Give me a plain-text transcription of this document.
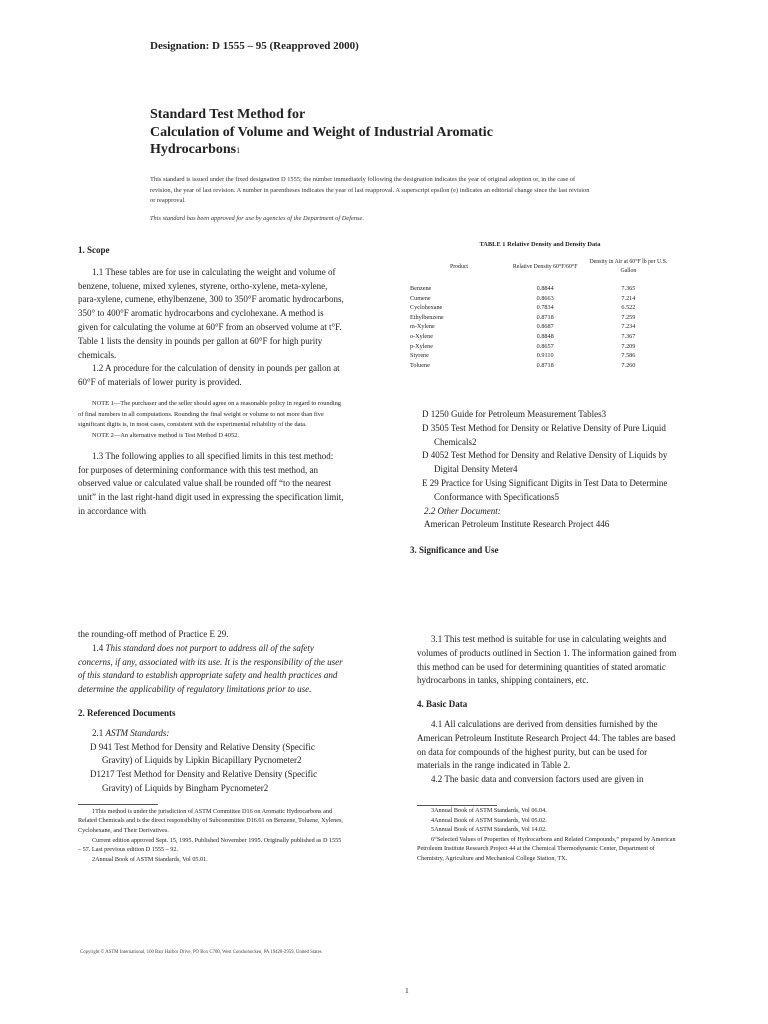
Designation: D 1555 – 95 (Reapproved 2000)
Standard Test Method for
Calculation of Volume and Weight of Industrial Aromatic
Hydrocarbons1
This standard is issued under the fixed designation D 1555; the number immediately following the designation indicates the year of original adoption or, in the case of revision, the year of last revision. A number in parentheses indicates the year of last reapproval. A superscript epsilon (e) indicates an editorial change since the last revision or reapproval.
This standard has been approved for use by agencies of the Department of Defense.
1. Scope

1.1 These tables are for use in calculating the weight and volume of benzene, toluene, mixed xylenes, styrene, ortho-xylene, meta-xylene, para-xylene, cumene, ethylbenzene, 300 to 350°F aromatic hydrocarbons, 350° to 400°F aromatic hydrocarbons and cyclohexane. A method is given for calculating the volume at 60°F from an observed volume at t°F. Table 1 lists the density in pounds per gallon at 60°F for high purity chemicals.

1.2 A procedure for the calculation of density in pounds per gallon at 60°F of materials of lower purity is provided.

NOTE 1—The purchaser and the seller should agree on a reasonable policy in regard to rounding of final numbers in all computations. Rounding the final weight or volume to not more than five significant digits is, in most cases, consistent with the experimental reliability of the data.

NOTE 2—An alternative method is Test Method D 4052.

1.3 The following applies to all specified limits in this test method: for purposes of determining conformance with this test method, an observed value or calculated value shall be rounded off “to the nearest unit” in the last right-hand digit used in expressing the specification limit, in accordance with

the rounding-off method of Practice E 29.

1.4 This standard does not purport to address all of the safety concerns, if any, associated with its use. It is the responsibility of the user of this standard to establish appropriate safety and health practices and determine the applicability of regulatory limitations prior to use.

2. Referenced Documents

2.1 ASTM Standards:

D 941 Test Method for Density and Relative Density (Specific Gravity) of Liquids by Lipkin Bicapillary Pycnometer2

D1217 Test Method for Density and Relative Density (Specific Gravity) of Liquids by Bingham Pycnometer2

1This method is under the jurisdiction of ASTM Committee D16 on Aromatic Hydrocarbons and Related Chemicals and is the direct responsibility of Subcommittee D16.01 on Benzene, Toluene, Xylenes, Cyclohexane, and Their Derivatives.

Current edition approved Sept. 15, 1995. Published November 1995. Originally published as D 1555 – 57. Last previous edition D 1555 – 92.

2Annual Book of ASTM Standards, Vol 05.01.

TABLE 1 Relative Density and Density Data
Product	Relative Density 60°F/60°F	Density in Air at 60°F lb per U.S. Gallon

Benzene	0.8844	7.365
Cumene	0.8663	7.214
Cyclohexane	0.7834	6.522
Ethylbenzene	0.8718	7.259
m-Xylene	0.8687	7.234
o-Xylene	0.8848	7.367
p-Xylene	0.8657	7.209
Styrene	0.9110	7.586
Toluene	0.8718	7.260

D 1250 Guide for Petroleum Measurement Tables3

D 3505 Test Method for Density or Relative Density of Pure Liquid Chemicals2

D 4052 Test Method for Density and Relative Density of Liquids by Digital Density Meter4

E 29 Practice for Using Significant Digits in Test Data to Determine Conformance with Specifications5

2.2 Other Document:

American Petroleum Institute Research Project 446

3. Significance and Use

3.1 This test method is suitable for use in calculating weights and volumes of products outlined in Section 1. The information gained from this method can be used for determining quantities of stated aromatic hydrocarbons in tanks, shipping containers, etc.

4. Basic Data

4.1 All calculations are derived from densities furnished by the American Petroleum Institute Research Project 44. The tables are based on data for compounds of the highest purity, but can be used for materials in the range indicated in Table 2.

4.2 The basic data and conversion factors used are given in

3Annual Book of ASTM Standards, Vol 06.04.

4Annual Book of ASTM Standards, Vol 05.02.

5Annual Book of ASTM Standards, Vol 14.02.

6“Selected Values of Properties of Hydrocarbons and Related Compounds,” prepared by American Petroleum Institute Research Project 44 at the Chemical Thermodynamic Center, Department of Chemistry, Agriculture and Mechanical College Station, TX.

Copyright © ASTM International, 100 Barr Harbor Drive, PO Box C700, West Conshohocken, PA 19428-2959, United States
1
